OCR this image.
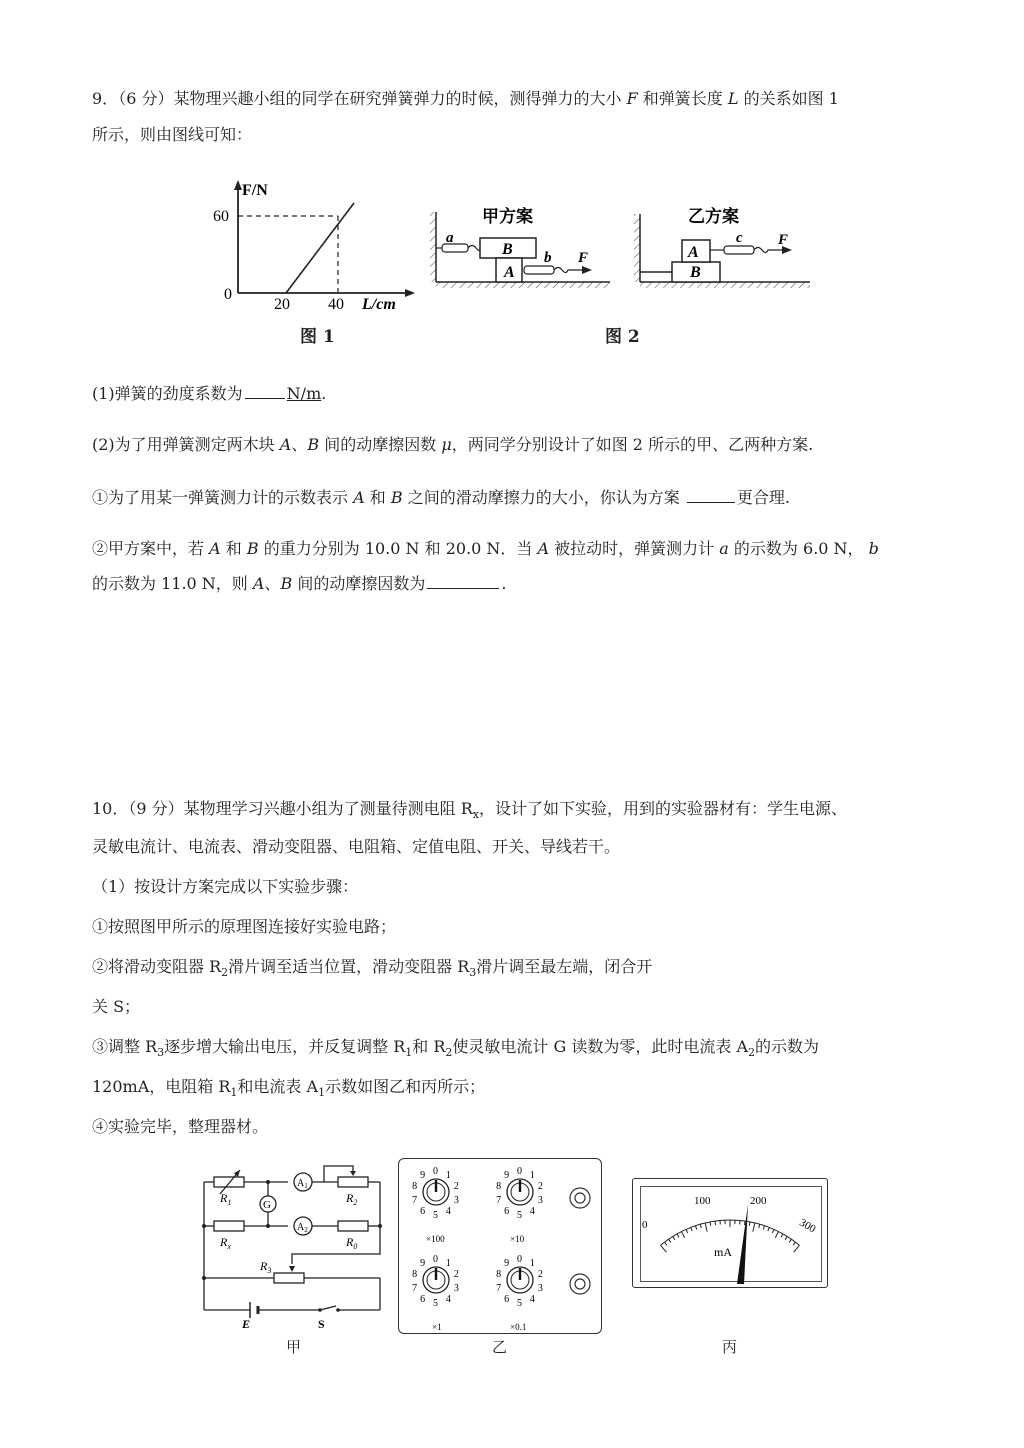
9．（6 分）某物理兴趣小组的同学在研究弹簧弹力的时候，测得弹力的大小 F 和弹簧长度 L 的关系如图 1
所示，则由图线可知：
F/N
60
0
20 40 L/cm
图 1
甲方案
a
B
A
b F
乙方案
A
B
c F
图 2
(1)弹簧的劲度系数为	N/m.
(2)为了用弹簧测定两木块 A、B 间的动摩擦因数 μ，两同学分别设计了如图 2 所示的甲、乙两种方案.
①为了用某一弹簧测力计的示数表示 A 和 B 之间的滑动摩擦力的大小，你认为方案	更合理.
②甲方案中，若 A 和 B 的重力分别为 10.0 N 和 20.0 N．当 A 被拉动时，弹簧测力计 a 的示数为 6.0 N， b
的示数为 11.0 N，则 A、B 间的动摩擦因数为	.
10．（9 分）某物理学习兴趣小组为了测量待测电阻 $R_x$，设计了如下实验，用到的实验器材有：学生电源、
灵敏电流计、电流表、滑动变阻器、电阻箱、定值电阻、开关、导线若干。
（1）按设计方案完成以下实验步骤：
①按照图甲所示的原理图连接好实验电路；
②将滑动变阻器 $R_2$滑片调至适当位置，滑动变阻器 $R_3$滑片调至最左端，闭合开
关 S；
③调整 $R_3$逐步增大输出电压，并反复调整 $R_1$和 $R_2$使灵敏电流计 G 读数为零，此时电流表 $A_2$的示数为
120mA，电阻箱 $R_1$和电流表 $A_1$示数如图乙和丙所示；
④实验完毕，整理器材。
$R_1$	$R_2$
$R_x$	$R_0$
$R_3$
G
$A_1$
$A_2$
E	S
甲
0 1
2
3
4
5
6
7
8
9	0 1
2
3
4
5
6
7
8
9
0 1
2
3
4
5
6
7
8
9	0 1
2
3
4
5
6
7
8
9
×100	×10
×1	×0.1
乙
0
100	200
300
mA
丙
